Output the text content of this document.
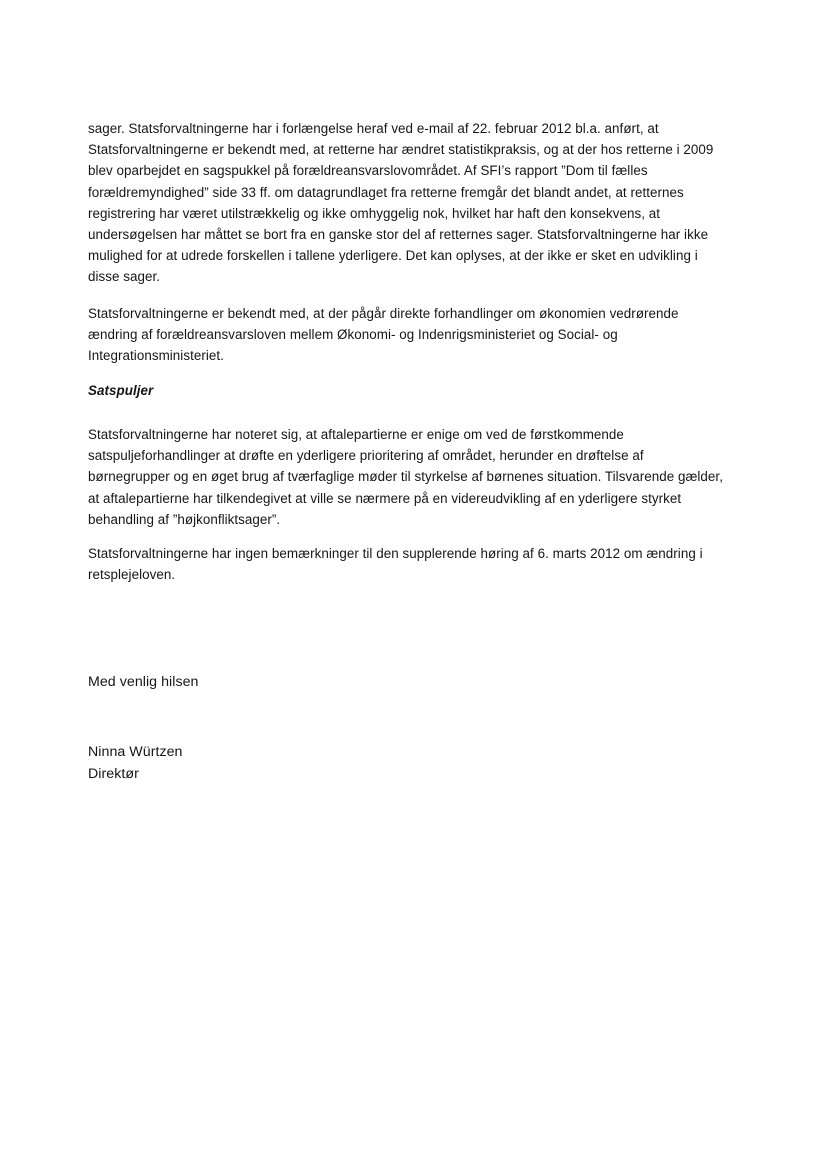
sager. Statsforvaltningerne har i forlængelse heraf ved e-mail af 22. februar 2012 bl.a. anført, at
Statsforvaltningerne er bekendt med, at retterne har ændret statistikpraksis, og at der hos retterne i 2009
blev oparbejdet en sagspukkel på forældreansvarslovområdet. Af SFI’s rapport ”Dom til fælles
forældremyndighed” side 33 ff. om datagrundlaget fra retterne fremgår det blandt andet, at retternes
registrering har været utilstrækkelig og ikke omhyggelig nok, hvilket har haft den konsekvens, at
undersøgelsen har måttet se bort fra en ganske stor del af retternes sager. Statsforvaltningerne har ikke
mulighed for at udrede forskellen i tallene yderligere. Det kan oplyses, at der ikke er sket en udvikling i
disse sager.
Statsforvaltningerne er bekendt med, at der pågår direkte forhandlinger om økonomien vedrørende
ændring af forældreansvarsloven mellem Økonomi- og Indenrigsministeriet og Social- og
Integrationsministeriet.
Satspuljer
Statsforvaltningerne har noteret sig, at aftalepartierne er enige om ved de førstkommende
satspuljeforhandlinger at drøfte en yderligere prioritering af området, herunder en drøftelse af
børnegrupper og en øget brug af tværfaglige møder til styrkelse af børnenes situation. Tilsvarende gælder,
at aftalepartierne har tilkendegivet at ville se nærmere på en videreudvikling af en yderligere styrket
behandling af ”højkonfliktsager”.
Statsforvaltningerne har ingen bemærkninger til den supplerende høring af 6. marts 2012 om ændring i
retsplejeloven.
Med venlig hilsen
Ninna Würtzen
Direktør
